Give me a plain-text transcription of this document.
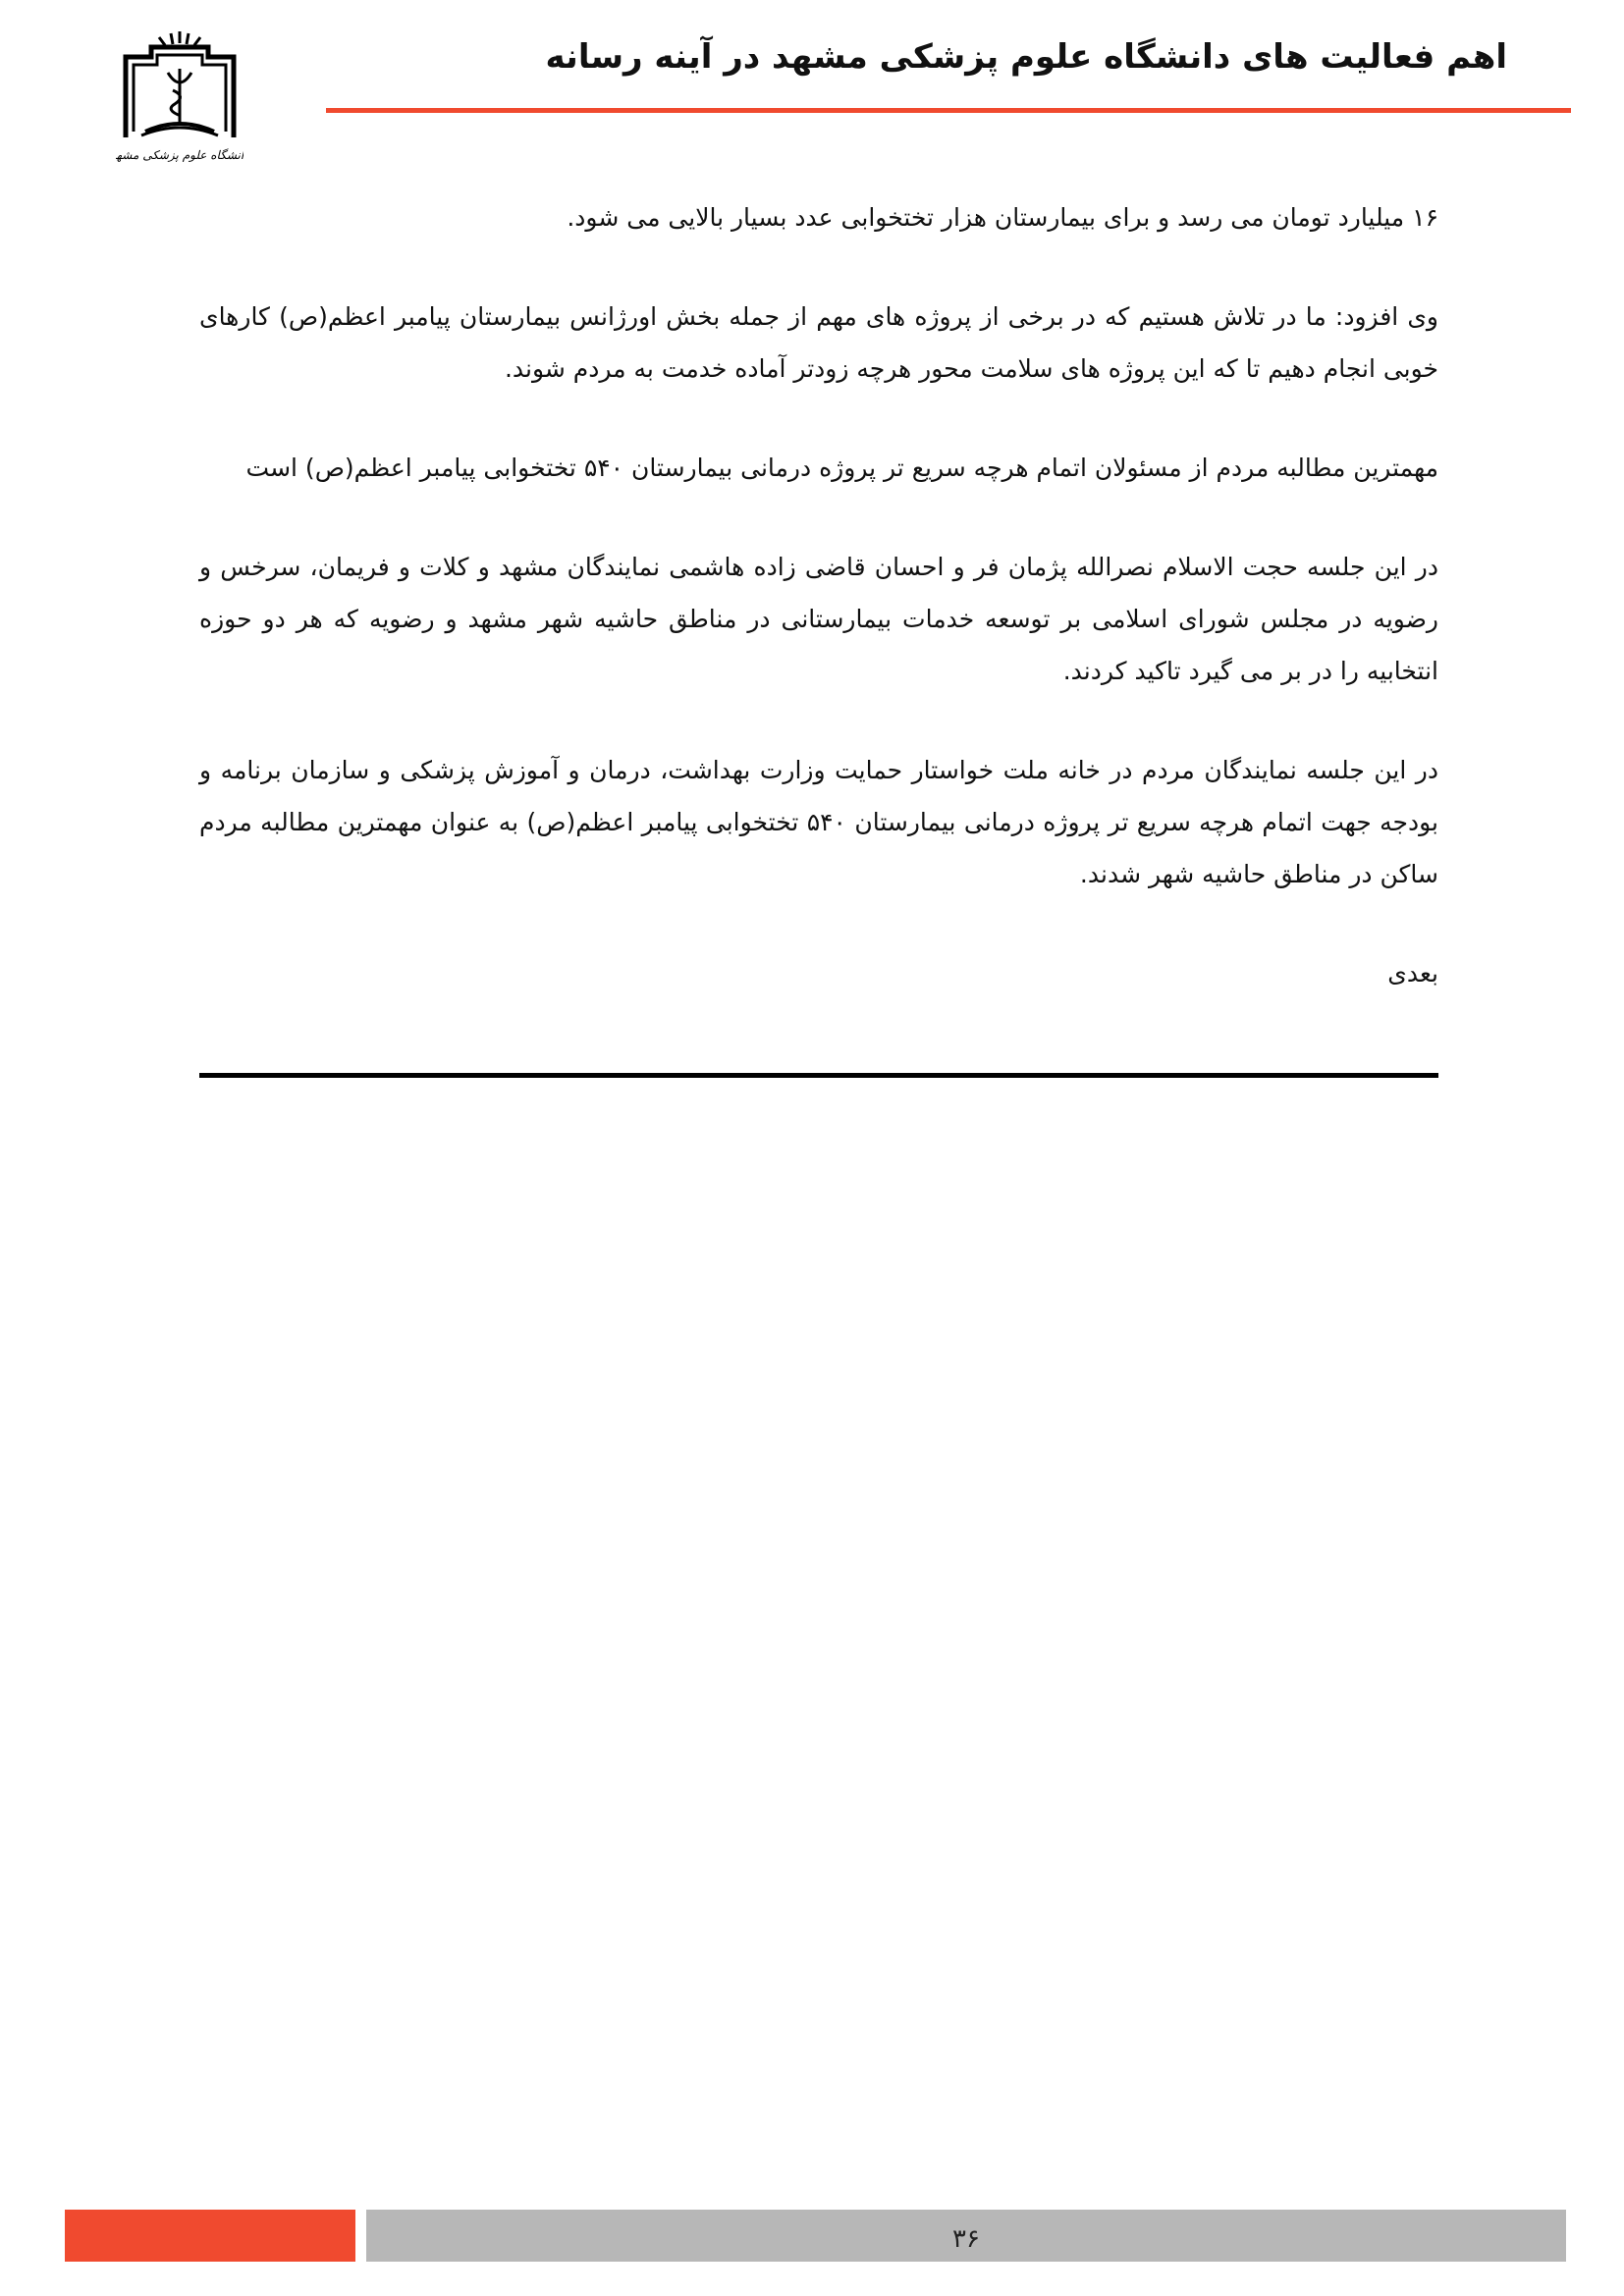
اهم فعالیت های دانشگاه علوم پزشکی مشهد در آینه رسانه
دانشگاه علوم پزشکی مشهد

۱۶ میلیارد تومان می رسد و برای بیمارستان هزار تختخوابی عدد بسیار بالایی می شود.

وی افزود: ما در تلاش هستیم که در برخی از پروژه های مهم از جمله بخش اورژانس بیمارستان پیامبر اعظم(ص) کارهای خوبی انجام دهیم تا که این پروژه های سلامت محور هرچه زودتر آماده خدمت به مردم شوند.

مهمترین مطالبه مردم از مسئولان اتمام هرچه سریع تر پروژه درمانی بیمارستان ۵۴۰ تختخوابی پیامبر اعظم(ص) است

در این جلسه حجت الاسلام نصرالله پژمان فر و احسان قاضی زاده هاشمی نمایندگان مشهد و کلات و فریمان، سرخس و رضویه در مجلس شورای اسلامی بر توسعه خدمات بیمارستانی در مناطق حاشیه شهر مشهد و رضویه که هر دو حوزه انتخابیه را در بر می گیرد تاکید کردند.

در این جلسه نمایندگان مردم در خانه ملت خواستار حمایت وزارت بهداشت، درمان و آموزش پزشکی و سازمان برنامه و بودجه جهت اتمام هرچه سریع تر پروژه درمانی بیمارستان ۵۴۰ تختخوابی پیامبر اعظم(ص) به عنوان مهمترین مطالبه مردم ساکن در مناطق حاشیه شهر شدند.

بعدی

۳۶
